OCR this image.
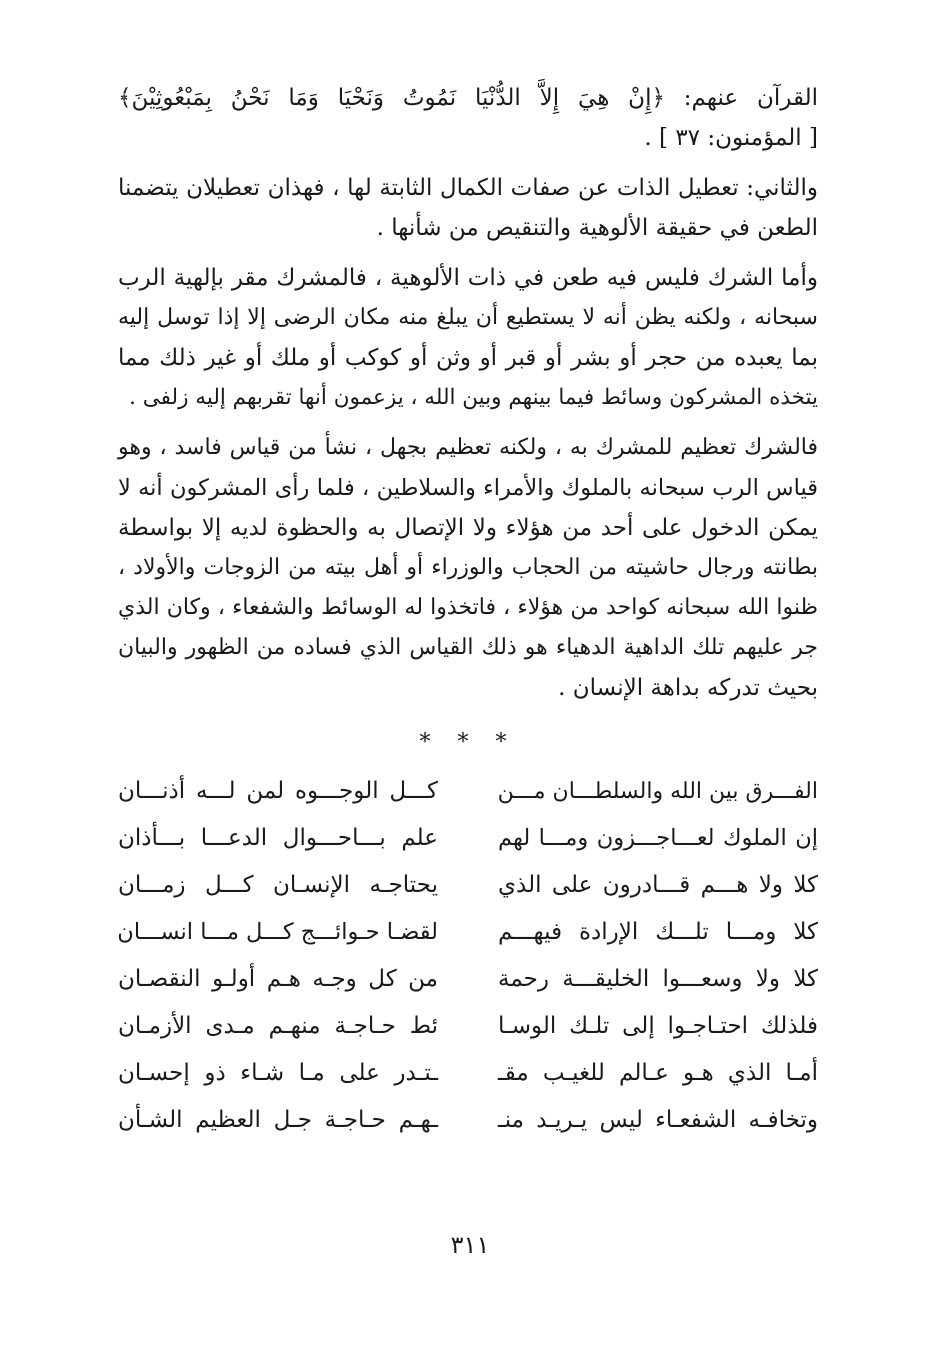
القرآن عنهم: ﴿إِنْ هِيَ إِلاَّ الدُّنْيَا نَمُوتُ وَنَحْيَا وَمَا نَحْنُ بِمَبْعُوثِيْنَ﴾
[ المؤمنون: ٣٧ ] .
والثاني: تعطيل الذات عن صفات الكمال الثابتة لها ، فهذان تعطيلان يتضمنا
الطعن في حقيقة الألوهية والتنقيص من شأنها .
وأما الشرك فليس فيه طعن في ذات الألوهية ، فالمشرك مقر بإلهية الرب
سبحانه ، ولكنه يظن أنه لا يستطيع أن يبلغ منه مكان الرضى إلا إذا توسل إليه
بما يعبده من حجر أو بشر أو قبر أو وثن أو كوكب أو ملك أو غير ذلك مما
يتخذه المشركون وسائط فيما بينهم وبين الله ، يزعمون أنها تقربهم إليه زلفى .
فالشرك تعظيم للمشرك به ، ولكنه تعظيم بجهل ، نشأ من قياس فاسد ، وهو
قياس الرب سبحانه بالملوك والأمراء والسلاطين ، فلما رأى المشركون أنه لا
يمكن الدخول على أحد من هؤلاء ولا الإتصال به والحظوة لديه إلا بواسطة
بطانته ورجال حاشيته من الحجاب والوزراء أو أهل بيته من الزوجات والأولاد ،
ظنوا الله سبحانه كواحد من هؤلاء ، فاتخذوا له الوسائط والشفعاء ، وكان الذي
جر عليهم تلك الداهية الدهياء هو ذلك القياس الذي فساده من الظهور والبيان
بحيث تدركه بداهة الإنسان .
* * *
الفـــرق بين الله والسلطـــان مـــن
كـــل الوجـــوه لمن لـــه أذنـــان
إن الملوك لعـــاجـــزون ومـــا لهم
علم بـــاحـــوال الدعـــا بـــأذان
كلا ولا هـــم قـــادرون على الذي
يحتاجـه الإنسـان كـــل زمـــان
كلا ومـــا تلـــك الإرادة فيهـــم
لقضـا حـوائـــج كـــل مـــا انســـان
كلا ولا وسعـــوا الخليقـــة رحمة
من كل وجـه هـم أولـو النقصـان
فلذلك احتـاجـوا إلى تلـك الوسـا
ئط حـاجـة منهـم مـدى الأزمـان
أمـا الذي هـو عـالم للغيـب مقـ
ـتـدر على مـا شـاء ذو إحسـان
وتخافـه الشفعـاء ليس يـريـد منـ
ـهـم حـاجـة جـل العظيم الشـأن
٣١١
